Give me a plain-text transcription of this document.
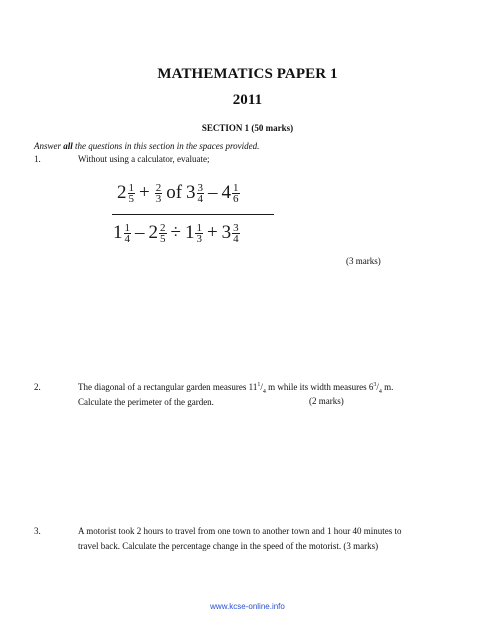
MATHEMATICS PAPER 1
2011
SECTION 1 (50 marks)
Answer all the questions in this section in the spaces provided.
1.	Without using a calculator, evaluate;
$2 \frac{1}{5} + \frac{2}{3}$ of $3 \frac{3}{4} - 4 \frac{1}{6}$
$1 \frac{1}{4} - 2 \frac{2}{5} \div 1 \frac{1}{3} + 3 \frac{3}{4}$
(3 marks)
2.	The diagonal of a rectangular garden measures $11^1/_4$ m while its width measures $6^3/_4$ m.
Calculate the perimeter of the garden.	(2 marks)
3.	A motorist took 2 hours to travel from one town to another town and 1 hour 40 minutes to
travel back. Calculate the percentage change in the speed of the motorist. (3 marks)
www.kcse-online.info
